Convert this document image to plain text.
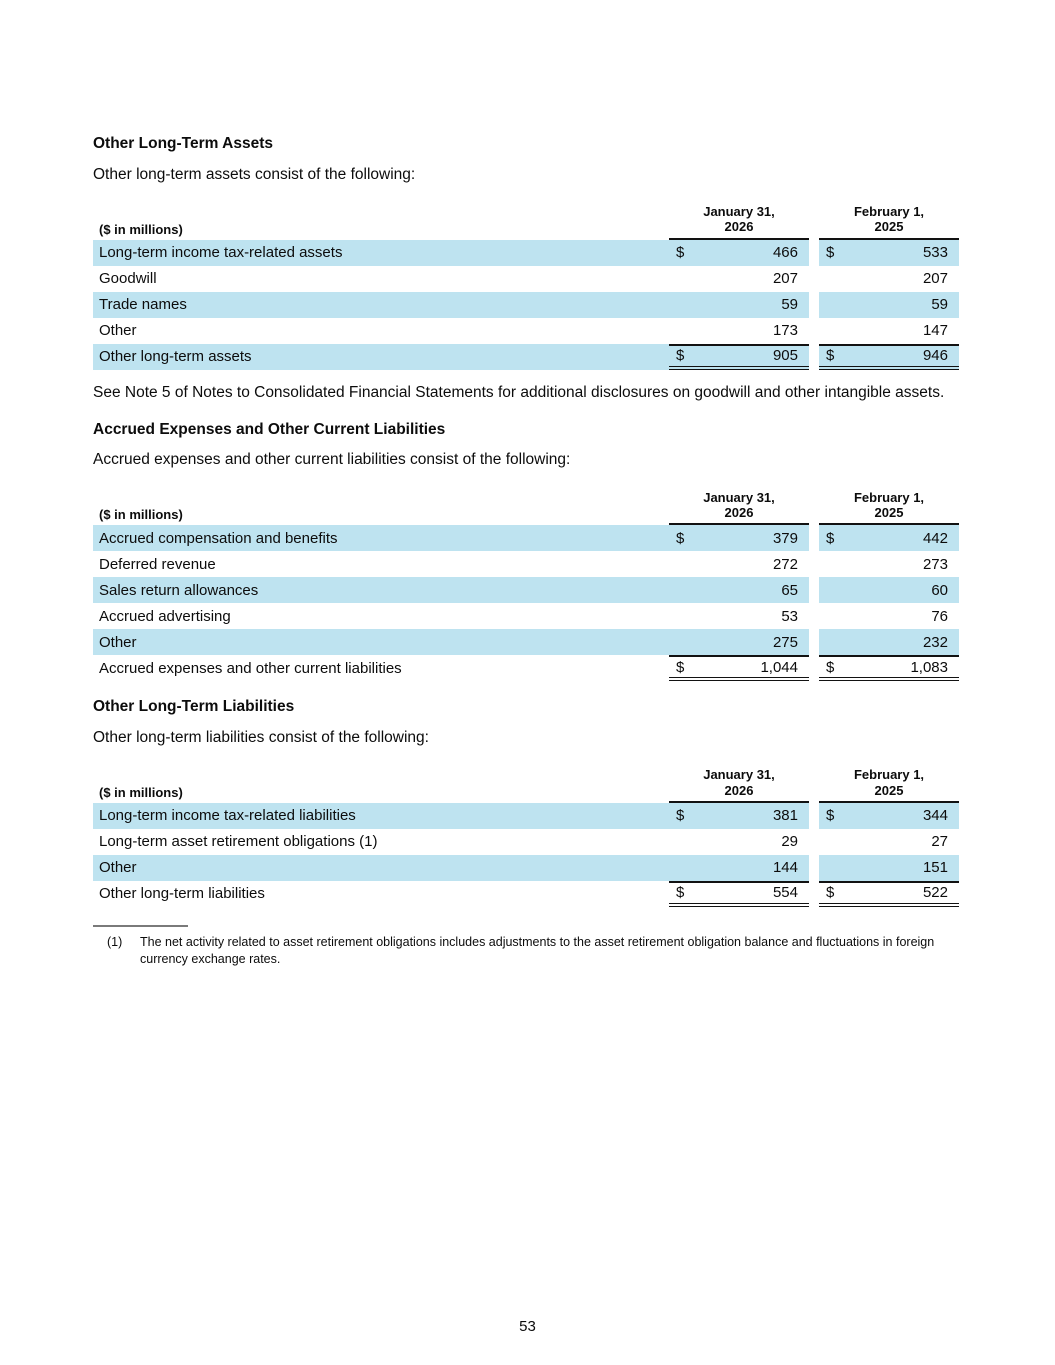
Other Long-Term Assets
Other long-term assets consist of the following:
($ in millions)	
January 31,
2026

February 1,
2025

Long-term income tax-related assets	$	466		$	533
Goodwill		207			207
Trade names		59			59
Other		173			147
Other long-term assets	$	905		$	946
See Note 5 of Notes to Consolidated Financial Statements for additional disclosures on goodwill and other intangible assets.
Accrued Expenses and Other Current Liabilities
Accrued expenses and other current liabilities consist of the following:
($ in millions)	
January 31,
2026

February 1,
2025

Accrued compensation and benefits	$	379		$	442
Deferred revenue		272			273
Sales return allowances		65			60
Accrued advertising		53			76
Other		275			232
Accrued expenses and other current liabilities	$	1,044		$	1,083
Other Long-Term Liabilities
Other long-term liabilities consist of the following:
($ in millions)	
January 31,
2026

February 1,
2025

Long-term income tax-related liabilities	$	381		$	344
Long-term asset retirement obligations (1)		29			27
Other		144			151
Other long-term liabilities	$	554		$	522
(1)	The net activity related to asset retirement obligations includes adjustments to the asset retirement obligation balance and fluctuations in foreign currency exchange rates.
53
